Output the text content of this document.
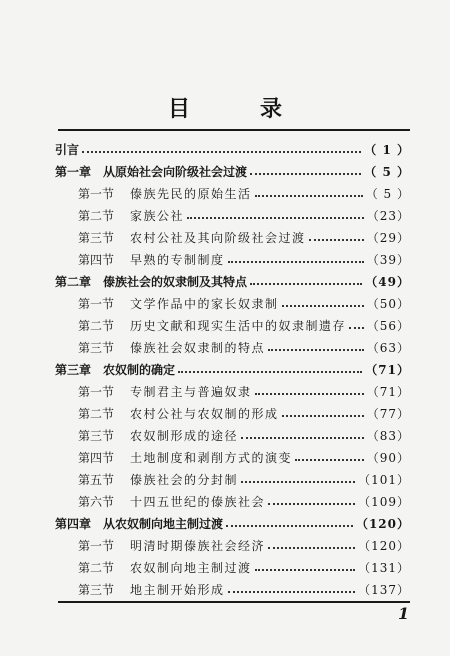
目　录
引言	（ 1 ）
第一章 从原始社会向阶级社会过渡	（ 5 ）
第一节 傣族先民的原始生活	（ 5 ）
第二节 家族公社	（23）
第三节 农村公社及其向阶级社会过渡	（29）
第四节 早熟的专制制度	（39）
第二章 傣族社会的奴隶制及其特点	（49）
第一节 文学作品中的家长奴隶制	（50）
第二节 历史文献和现实生活中的奴隶制遗存 （56）
第三节 傣族社会奴隶制的特点	（63）
第三章 农奴制的确定	（71）
第一节 专制君主与普遍奴隶	（71）
第二节 农村公社与农奴制的形成	（77）
第三节 农奴制形成的途径	（83）
第四节 土地制度和剥削方式的演变	（90）
第五节 傣族社会的分封制	（101）
第六节 十四五世纪的傣族社会	（109）
第四章 从农奴制向地主制过渡	（120）
第一节 明清时期傣族社会经济	（120）
第二节 农奴制向地主制过渡	（131）
第三节 地主制开始形成	（137）
1
